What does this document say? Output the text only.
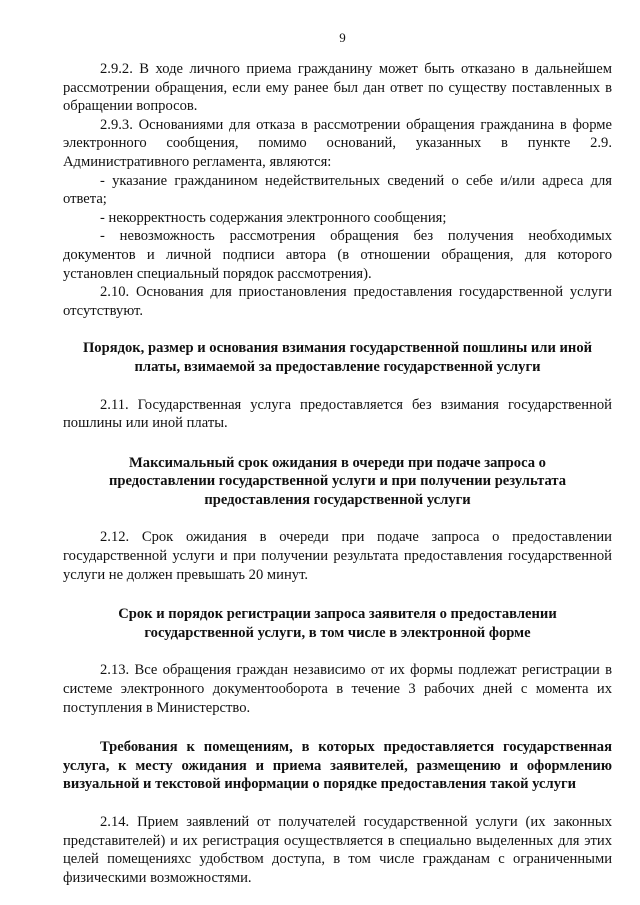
9

2.9.2. В ходе личного приема гражданину может быть отказано в дальнейшем рассмотрении обращения, если ему ранее был дан ответ по существу поставленных в обращении вопросов.

2.9.3. Основаниями для отказа в рассмотрении обращения гражданина в форме электронного сообщения, помимо оснований, указанных в пункте 2.9. Административного регламента, являются:

- указание гражданином недействительных сведений о себе и/или адреса для ответа;

- некорректность содержания электронного сообщения;

- невозможность рассмотрения обращения без получения необходимых документов и личной подписи автора (в отношении обращения, для которого установлен специальный порядок рассмотрения).

2.10. Основания для приостановления предоставления государственной услуги отсутствуют.

Порядок, размер и основания взимания государственной пошлины или иной платы, взимаемой за предоставление государственной услуги

2.11. Государственная услуга предоставляется без взимания государственной пошлины или иной платы.

Максимальный срок ожидания в очереди при подаче запроса о предоставлении государственной услуги и при получении результата предоставления государственной услуги

2.12. Срок ожидания в очереди при подаче запроса о предоставлении государственной услуги и при получении результата предоставления государственной услуги не должен превышать 20 минут.

Срок и порядок регистрации запроса заявителя о предоставлении государственной услуги, в том числе в электронной форме

2.13. Все обращения граждан независимо от их формы подлежат регистрации в системе электронного документооборота в течение 3 рабочих дней с момента их поступления в Министерство.

Требования к помещениям, в которых предоставляется государственная услуга, к месту ожидания и приема заявителей, размещению и оформлению визуальной и текстовой информации о порядке предоставления такой услуги

2.14. Прием заявлений от получателей государственной услуги (их законных представителей) и их регистрация осуществляется в специально выделенных для этих целей помещенияхс удобством доступа, в том числе гражданам с ограниченными физическими возможностями.
